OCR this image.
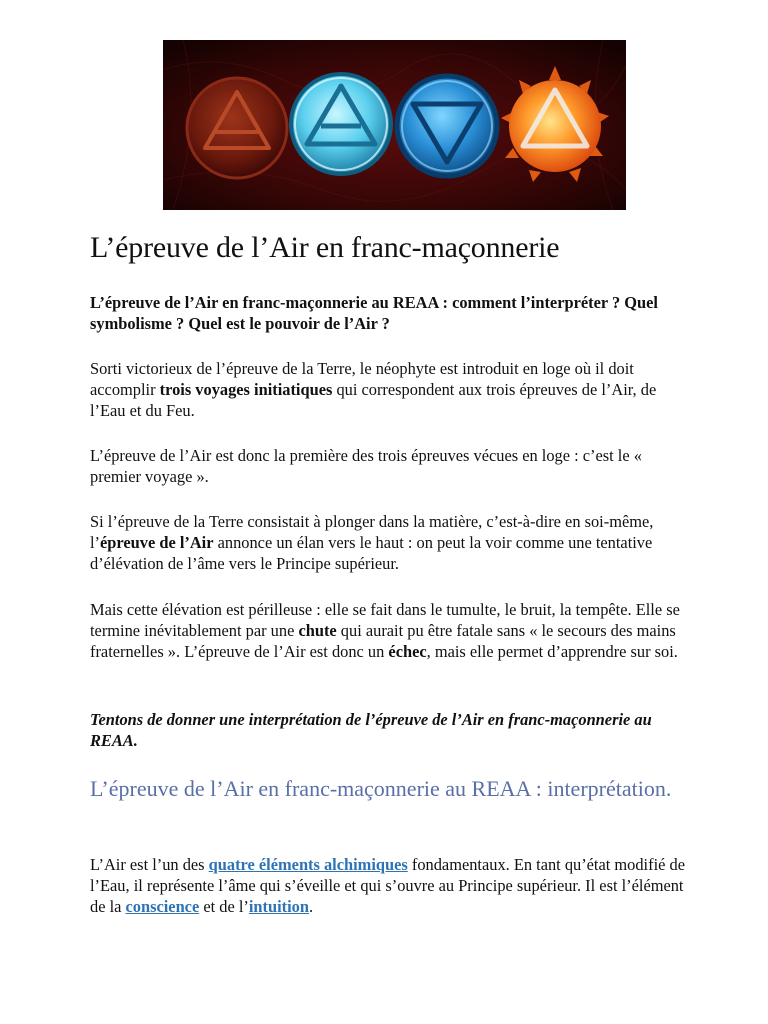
L’épreuve de l’Air en franc-maçonnerie

L’épreuve de l’Air en franc-maçonnerie au REAA : comment l’interpréter ? Quel symbolisme ? Quel est le pouvoir de l’Air ?

Sorti victorieux de l’épreuve de la Terre, le néophyte est introduit en loge où il doit accomplir trois voyages initiatiques qui correspondent aux trois épreuves de l’Air, de l’Eau et du Feu.

L’épreuve de l’Air est donc la première des trois épreuves vécues en loge : c’est le « premier voyage ».

Si l’épreuve de la Terre consistait à plonger dans la matière, c’est-à-dire en soi-même, l’épreuve de l’Air annonce un élan vers le haut : on peut la voir comme une tentative d’élévation de l’âme vers le Principe supérieur.

Mais cette élévation est périlleuse : elle se fait dans le tumulte, le bruit, la tempête. Elle se termine inévitablement par une chute qui aurait pu être fatale sans « le secours des mains fraternelles ». L’épreuve de l’Air est donc un échec, mais elle permet d’apprendre sur soi.

Tentons de donner une interprétation de l’épreuve de l’Air en franc-maçonnerie au REAA.

L’épreuve de l’Air en franc-maçonnerie au REAA : interprétation.

L’Air est l’un des quatre éléments alchimiques fondamentaux. En tant qu’état modifié de l’Eau, il représente l’âme qui s’éveille et qui s’ouvre au Principe supérieur. Il est l’élément de la conscience et de l’intuition.
